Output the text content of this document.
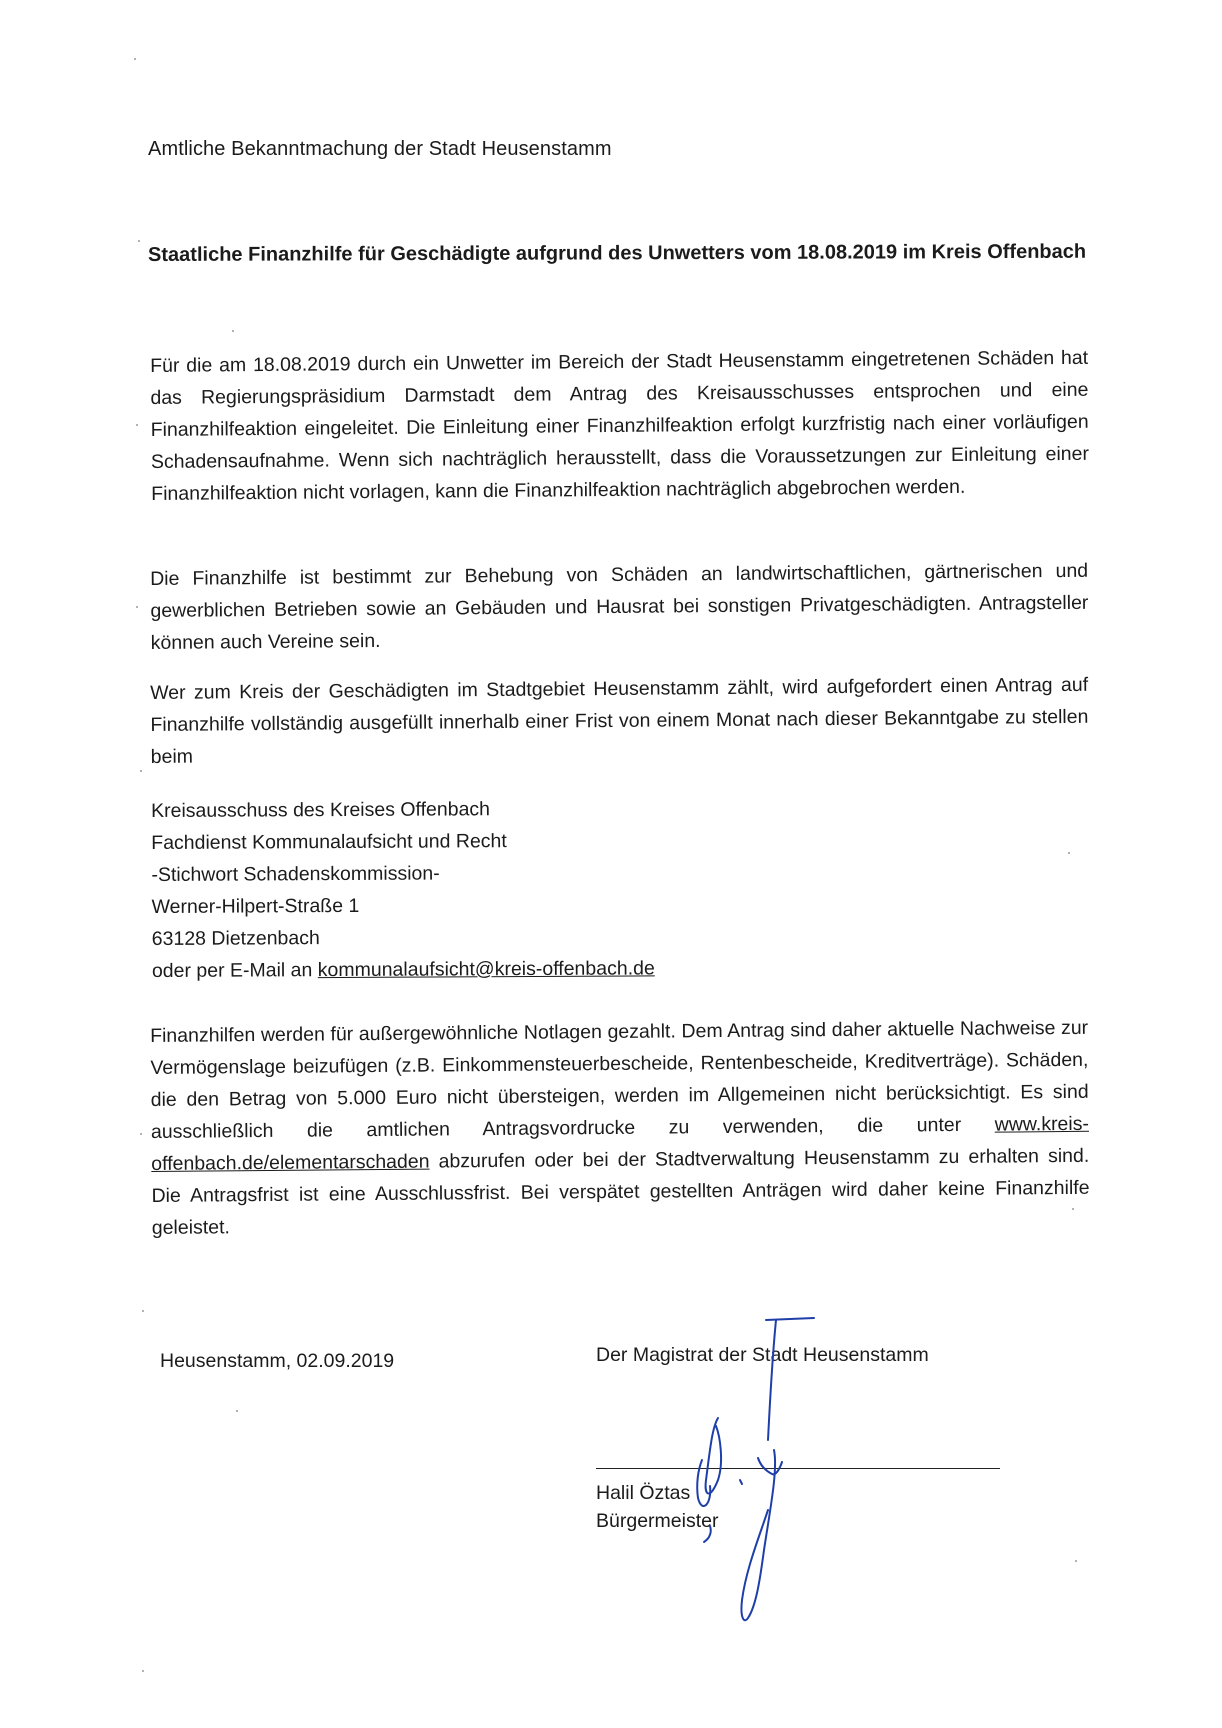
Amtliche Bekanntmachung der Stadt Heusenstamm
Staatliche Finanzhilfe für Geschädigte aufgrund des Unwetters vom 18.08.2019 im Kreis Offenbach

Für die am 18.08.2019 durch ein Unwetter im Bereich der Stadt Heusenstamm eingetretenen Schäden hat das Regierungspräsidium Darmstadt dem Antrag des Kreisausschusses entsprochen und eine Finanzhilfeaktion eingeleitet. Die Einleitung einer Finanzhilfeaktion erfolgt kurzfristig nach einer vorläufigen Schadensaufnahme. Wenn sich nachträglich herausstellt, dass die Voraussetzungen zur Einleitung einer Finanzhilfeaktion nicht vorlagen, kann die Finanzhilfeaktion nachträglich abgebrochen werden.

Die Finanzhilfe ist bestimmt zur Behebung von Schäden an landwirtschaftlichen, gärtnerischen und gewerblichen Betrieben sowie an Gebäuden und Hausrat bei sonstigen Privatgeschädigten. Antragsteller können auch Vereine sein.

Wer zum Kreis der Geschädigten im Stadtgebiet Heusenstamm zählt, wird aufgefordert einen Antrag auf Finanzhilfe vollständig ausgefüllt innerhalb einer Frist von einem Monat nach dieser Bekanntgabe zu stellen beim

Kreisausschuss des Kreises Offenbach
Fachdienst Kommunalaufsicht und Recht
-Stichwort Schadenskommission-
Werner-Hilpert-Straße 1
63128 Dietzenbach
oder per E-Mail an kommunalaufsicht@kreis-offenbach.de

Finanzhilfen werden für außergewöhnliche Notlagen gezahlt. Dem Antrag sind daher aktuelle Nachweise zur Vermögenslage beizufügen (z.B. Einkommensteuerbescheide, Rentenbescheide, Kreditverträge). Schäden, die den Betrag von 5.000 Euro nicht übersteigen, werden im Allgemeinen nicht berücksichtigt. Es sind ausschließlich die amtlichen Antragsvordrucke zu verwenden, die unter www.kreis-offenbach.de/elementarschaden abzurufen oder bei der Stadtverwaltung Heusenstamm zu erhalten sind. Die Antragsfrist ist eine Ausschlussfrist. Bei verspätet gestellten Anträgen wird daher keine Finanzhilfe geleistet.

Heusenstamm, 02.09.2019	Der Magistrat der Stadt Heusenstamm
Halil Öztas
Bürgermeister
